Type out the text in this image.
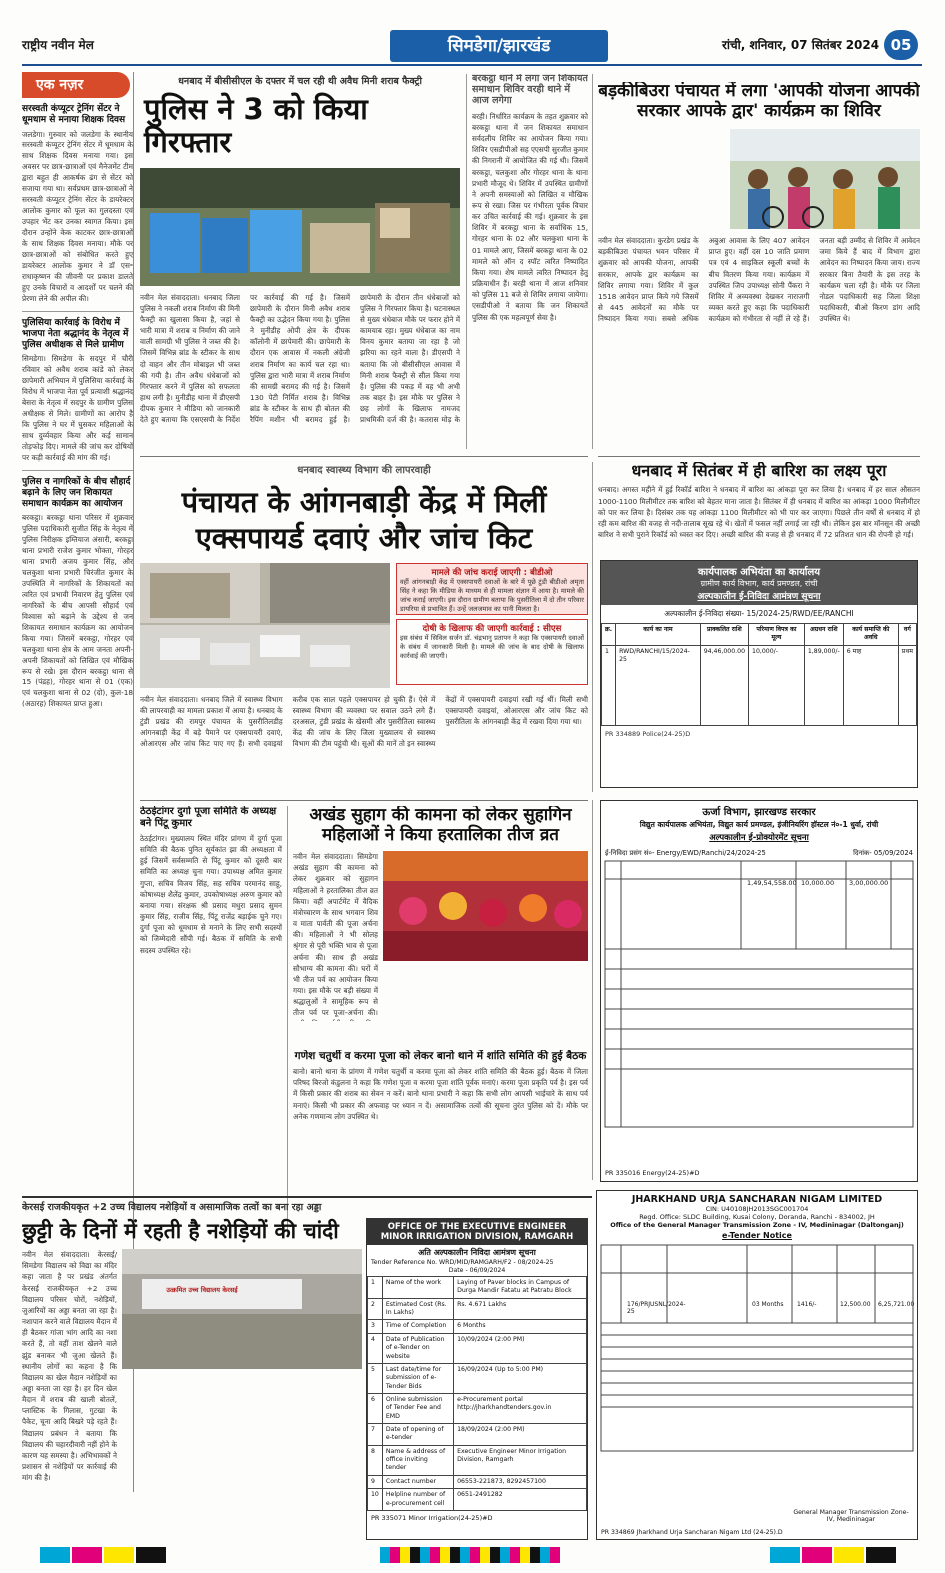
राष्ट्रीय नवीन मेल	सिमडेगा/झारखंड	रांची, शनिवार, 07 सितंबर 2024 05
एक नज़र
सरस्वती कंप्यूटर ट्रेनिंग सेंटर ने धूमधाम से मनाया शिक्षक दिवस
जलडेगा। गुरुवार को जलडेगा के स्थानीय सरस्वती कंप्यूटर ट्रेनिंग सेंटर में धूमधाम के साथ शिक्षक दिवस मनाया गया। इस अवसर पर छात्र-छात्राओं एवं मैनेजमेंट टीम द्वारा बहुत ही आकर्षक ढंग से सेंटर को सजाया गया था। सर्वप्रथम छात्र-छात्राओं ने सरस्वती कंप्यूटर ट्रेनिंग सेंटर के डायरेक्टर आलोक कुमार को फूल का गुलदस्ता एवं उपहार भेंट कर उनका स्वागत किया। इस दौरान उन्होंने केक काटकर छात्र-छात्राओं के साथ शिक्षक दिवस मनाया। मौके पर छात्र-छात्राओं को संबोधित करते हुए डायरेक्टर आलोक कुमार ने डॉ एस॰ राधाकृष्णन की जीवनी पर प्रकाश डालते हुए उनके विचारों व आदर्शों पर चलने की प्रेरणा लेने की अपील की।
पुलिसिया कार्रवाई के विरोध में भाजपा नेता श्रद्धानंद के नेतृत्व में पुलिस अधीक्षक से मिले ग्रामीण
सिमडेगा। सिमडेगा के सदपुर में चौरी रविवार को अवैध शराब कांडे को लेकर छापेमारी अभियान में पुलिसिया कार्रवाई के विरोध में भाजपा नेता पूर्व प्रत्याशी श्रद्धानंद बेसरा के नेतृत्व में सदपुर के ग्रामीण पुलिस अधीक्षक से मिले। ग्रामीणों का आरोप है कि पुलिस ने घर में घुसकर महिलाओं के साथ दुर्व्यवहार किया और कई सामान तोड़फोड़ दिए। मामले की जांच कर दोषियों पर कड़ी कार्रवाई की मांग की गई।
पुलिस व नागरिकों के बीच सौहार्द बढ़ाने के लिए जन शिकायत समाधान कार्यक्रम का आयोजन
बरकट्ठा। बरकट्ठा थाना परिसर में शुक्रवार पुलिस पदाधिकारी सुजीत सिंह के नेतृत्व में पुलिस निरीक्षक इम्तियाज अंसारी, बरकट्ठा थाना प्रभारी राजेश कुमार भोक्ता, गोरहर थाना प्रभारी अजय कुमार सिंह, और चलकुशा थाना प्रभारी चिरंजीत कुमार के उपस्थिति में नागरिकों के शिकायतों का त्वरित एवं प्रभावी निवारण हेतु पुलिस एवं नागरिकों के बीच आपसी सौहार्द एवं विश्वास को बढ़ाने के उद्देश्य से जन शिकायत समाधान कार्यक्रम का आयोजन किया गया। जिसमें बरकट्ठा, गोरहर एवं चलकुशा थाना क्षेत्र के आम जनता अपनी-अपनी शिकायतों को लिखित एवं मौखिक रूप से रखे। इस दौरान बरकट्ठा थाना से 15 (पंद्रह), गोरहर थाना से 01 (एक) एवं चलकुशा थाना से 02 (दो), कुल-18 (अठारह) शिकायत प्राप्त हुआ।
धनबाद में बीसीसीएल के दफ्तर में चल रही थी अवैध मिनी शराब फैक्ट्री
पुलिस ने 3 को किया गिरफ्तार
नवीन मेल संवाददाता। धनबाद जिला पुलिस ने नकली शराब निर्माण की मिनी फैक्ट्री का खुलासा किया है, जहां से भारी मात्रा में शराब व निर्माण की जाने वाली सामग्री भी पुलिस ने जब्त की है। जिसमें विभिन्न ब्रांड के स्टीकर के साथ दो वाहन और तीन मोबाइल भी जब्त की गयी है। तीन अवैध धंधेबाजों को गिरफ्तार करने में पुलिस को सफलता हाथ लगी है। मुनीडीह थाना में डीएसपी दीपक कुमार ने मीडिया को जानकारी देते हुए बताया कि एसएसपी के निर्देश पर कार्रवाई की गई है। जिसमें छापेमारी के दौरान मिनी अवैध शराब फैक्ट्री का उद्भेदन किया गया है। पुलिस ने मुनीडीह ओपी क्षेत्र के दीपक कॉलोनी में छापेमारी की। छापेमारी के दौरान एक आवास में नकली अंग्रेजी शराब निर्माण का कार्य चल रहा था। पुलिस द्वारा भारी मात्रा में शराब निर्माण की सामग्री बरामद की गई है। जिसमें 130 पेटी निर्मित शराब है। विभिन्न ब्रांड के स्टीकर के साथ ही बोतल की रैपिंग मशीन भी बरामद हुई है। छापेमारी के दौरान तीन धंधेबाजों को पुलिस ने गिरफ्तार किया है। घटनास्थल से मुख्य धंधेबाज मौके पर फरार होने में कामयाब रहा। मुख्य धंधेबाज का नाम विनय कुमार बताया जा रहा है जो झरिया का रहने वाला है। डीएसपी ने बताया कि जो बीसीसीएल आवास में मिनी शराब फैक्ट्री से सील किया गया है। पुलिस की पकड़ में वह भी अभी तक बाहर है। इस मौके पर पुलिस ने छह लोगों के खिलाफ नामजद प्राथमिकी दर्ज की है। कतरास मोड़ के
बरकट्ठा थाने में लगा जन शिकायत समाधान शिविर वरही थाने में आज लगेगा
बरही। निर्धारित कार्यक्रम के तहत शुक्रवार को बरकट्ठा थाना में जन शिकायत समाधान सर्वदलीय शिविर का आयोजन किया गया। शिविर एसडीपीओ सह एएसपी सुरजीत कुमार की निगरानी में आयोजित की गई थी। जिसमें बरकट्ठा, चलकुशा और गोरहर थाना के थाना प्रभारी मौजूद थे। शिविर में उपस्थित ग्रामीणों ने अपनी समस्याओं को लिखित व मौखिक रूप से रखा। जिस पर गंभीरता पूर्वक विचार कर उचित कार्रवाई की गई। शुक्रवार के इस शिविर में बरकट्ठा थाना के सर्वाधिक 15, गोरहर थाना के 02 और चलकुशा थाना के 01 मामले आए, जिसमें बरकट्ठा थाना के 02 मामले को ऑन द स्पॉट त्वरित निष्पादित किया गया। शेष मामले त्वरित निष्पादन हेतु प्रक्रियाधीन हैं। बरही थाना में आज शनिवार को पुलिस 11 बजे से शिविर लगाया जायेगा। एसडीपीओ ने बताया कि जन शिकायतें पुलिस की एक महत्वपूर्ण सेवा है।
बड़कीबिउरा पंचायत में लगा 'आपकी योजना आपकी सरकार आपके द्वार' कार्यक्रम का शिविर
नवीन मेल संवाददाता। कुरडेग प्रखंड के बड़कीबिउरा पंचायत भवन परिसर में शुक्रवार को आपकी योजना, आपकी सरकार, आपके द्वार कार्यक्रम का शिविर लगाया गया। शिविर में कुल 1518 आवेदन प्राप्त किये गये जिसमें से 445 आवेदनों का मौके पर निष्पादन किया गया। सबसे अधिक अबुआ आवास के लिए 407 आवेदन प्राप्त हुए। वहीं दस 10 जाति प्रमाण पत्र एवं 4 साइकिल स्कूली बच्चों के बीच वितरण किया गया। कार्यक्रम में उपस्थित जिप उपाध्यक्ष सोनी पैंकरा ने शिविर में अव्यवस्था देखकर नाराजगी व्यक्त करते हुए कहा कि पदाधिकारी कार्यक्रम को गंभीरता से नहीं ले रहे हैं। जनता बड़ी उम्मीद से शिविर में आवेदन जमा किये हैं बाद में विभाग द्वारा आवेदन का निष्पादन किया जाय। राज्य सरकार बिना तैयारी के इस तरह के कार्यक्रम चला रही है। मौके पर जिला नोडल पदाधिकारी सह जिला शिक्षा पदाधिकारी, बीओ किरण डांग आदि उपस्थित थे।
धनबाद स्वास्थ्य विभाग की लापरवाही
पंचायत के आंगनबाड़ी केंद्र में मिलीं एक्सपायर्ड दवाएं और जांच किट
मामले की जांच कराई जाएगी : बीडीओ
वहीं आंगनबाड़ी केंद्र में एक्सपायरी दवाओं के बारे में पूछे टुंडी बीडीओ अमृता सिंह ने कहा कि मीडिया के माध्यम से ही मामला संज्ञान में आया है। मामले की जांच कराई जाएगी। इस दौरान ग्रामीण बताया कि पुसरीतिला में दो तीन परिवार डायरिया से प्रभावित हैं। उन्हें जलजमाव का पानी मिलता है।
दोषी के खिलाफ की जाएगी कार्रवाई : सीएस
इस संबंध में सिविल सर्जन डॉ. चंद्रभानु प्रतापन ने कहा कि एक्सपायरी दवाओं के संबंध में जानकारी मिली है। मामले की जांच के बाद दोषी के खिलाफ कार्रवाई की जाएगी।
नवीन मेल संवाददाता। धनबाद जिले में स्वास्थ्य विभाग की लापरवाही का मामला प्रकाश में आया है। धनबाद के टुंडी प्रखंड की रामपुर पंचायत के पुसरीतिलडीह आंगनबाड़ी केंद्र में बड़े पैमाने पर एक्सपायरी दवाएं, ओआरएस और जांच किट पाए गए हैं। सभी दवाइयां करीब एक साल पहले एक्सपायर हो चुकी हैं। ऐसे में स्वास्थ्य विभाग की व्यवस्था पर सवाल उठने लगे हैं। दरअसल, टुंडी प्रखंड के खेसमी और पुसरीतिला स्वास्थ्य केंद्र की जांच के लिए जिला मुख्यालय से स्वास्थ्य विभाग की टीम पहुंची थी। सूओं की मानें तो इन स्वास्थ्य केंद्रों में एक्सपायरी दवाइयां रखी गई थीं। मिली सभी एक्सपायरी दवाइयां, ओआरएस और जांच किट को पुसरीतिला के आंगनबाड़ी केंद्र में रखवा दिया गया था।
धनबाद में सितंबर में ही बारिश का लक्ष्य पूरा
धनबाद। अगस्त महीने में हुई रिकॉर्ड बारिश ने धनबाद में बारिश का आंकड़ा पूरा कर लिया है। धनबाद में हर साल औसतन 1000-1100 मिलीमीटर तक बारिश को बेहतर माना जाता है। सितंबर में ही धनबाद में बारिश का आंकड़ा 1000 मिलीमीटर को पार कर लिया है। दिसंबर तक यह आंकड़ा 1100 मिलीमीटर को भी पार कर जाएगा। पिछले तीन वर्षों से धनबाद में हो रही कम बारिश की वजह से नदी-तालाब सूख रहे थे। खेतों में फसल नहीं लगाई जा रही थी। लेकिन इस बार मॉनसून की अच्छी बारिश ने सभी पुराने रिकॉर्ड को ध्वस्त कर दिए। अच्छी बारिश की वजह से ही धनबाद में 72 प्रतिशत धान की रोपनी हो गई।
कार्यपालक अभियंता का कार्यालय
ग्रामीण कार्य विभाग, कार्य प्रमण्डल, रांची
अल्पकालीन ई-निविदा आमंत्रण सूचना
अल्पकालीन ई-निविदा संख्या- 15/2024-25/RWD/EE/RANCHI
क्र.	कार्य का नाम	प्राक्कलित राशि	परिमाण विपत्र का मूल्य	अग्रधन राशि	कार्य समाप्ति की अवधि	वर्ग
1	RWD/RANCHI/15/2024-25	94,46,000.00	10,000/-	1,89,000/-	6 माह	प्रथम
PR 334889 Police(24-25)D
ठेठईटांगर दुर्गा पूजा समिति के अध्यक्ष बने पिंटू कुमार
ठेठईटांगर। मुख्यालय स्थित मंदिर प्रांगण में दुर्गा पूजा समिति की बैठक पुनित सूर्यकांत झा की अध्यक्षता में हुई जिसमें सर्वसम्मति से पिंटू कुमार को दूसरी बार समिति का अध्यक्ष चुना गया। उपाध्यक्ष अमित कुमार गुप्ता, सचिव विजय सिंह, सह सचिव परमानंद साहू, कोषाध्यक्ष शैलेंद्र कुमार, उपकोषाध्यक्ष अरुण कुमार को बनाया गया। संरक्षक श्री प्रसाद मधुरा प्रसाद सुमन कुमार सिंह, राजीव सिंह, पिंटू राजेंद्र बड़ाईक चुने गए। दुर्गा पूजा को धूमधाम से मनाने के लिए सभी सदस्यों को जिम्मेदारी सौंपी गई। बैठक में समिति के सभी सदस्य उपस्थित रहे।
अखंड सुहाग की कामना को लेकर सुहागिन महिलाओं ने किया हरतालिका तीज व्रत
नवीन मेल संवाददाता। सिमडेगा अखंड सुहाग की कामना को लेकर शुक्रवार को सुहागन महिलाओं ने हरतालिका तीज व्रत किया। वहीं अपार्टमेंट में वैदिक मंत्रोच्चारण के साथ भगवान शिव व माता पार्वती की पूजा अर्चना की। महिलाओं ने भी सोलह श्रृंगार से पूरी भक्ति भाव से पूजा अर्चना की। साथ ही अखंड सौभाग्य की कामना की। घरों में भी तीज पर्व का आयोजन किया गया। इस मौके पर बड़ी संख्या में श्रद्धालुओं ने सामूहिक रूप से तीज पर्व पर पूजा-अर्चना की।
गणेश चतुर्थी व करमा पूजा को लेकर बानो थाने में शांति समिति की हुई बैठक
बानो। बानो थाना के प्रांगण में गणेश चतुर्थी व करमा पूजा को लेकर शांति समिति की बैठक हुई। बैठक में जिला परिषद बिरजो कंडुलना ने कहा कि गणेश पूजा व करमा पूजा शांति पूर्वक मनाएं। करमा पूजा प्रकृति पर्व है। इस पर्व में किसी प्रकार की शराब का सेवन न करें। बानो थाना प्रभारी ने कहा कि सभी लोग आपसी भाईचारे के साथ पर्व मनाएं। किसी भी प्रकार की अफवाह पर ध्यान न दें। असामाजिक तत्वों की सूचना तुरंत पुलिस को दें। मौके पर अनेक गणमान्य लोग उपस्थित थे।
ऊर्जा विभाग, झारखण्ड सरकार
विद्युत कार्यपालक अभियंता, विद्युत कार्य प्रमण्डल, इंजीनियरिंग हॉस्टल नं०-1 धुर्वा, रांची
अल्पकालीन ई-प्रोक्योरमेंट सूचना
ई-निविदा प्रसंग सं०- Energy/EWD/Ranchi/24/2024-25	दिनांक- 05/09/2024
1,49,54,558.00 10,000.00 3,00,000.00
PR 335016 Energy(24-25)#D
केरसई राजकीयकृत +2 उच्च विद्यालय नशेड़ियों व असामाजिक तत्वों का बना रहा अड्डा
छुट्टी के दिनों में रहती है नशेड़ियों की चांदी
नवीन मेल संवाददाता। केरसई/सिमडेगा विद्यालय को विद्या का मंदिर कहा जाता है पर प्रखंड अंतर्गत केरसई राजकीयकृत +2 उच्च विद्यालय परिसर चोरों, नशेड़ियों, जुआरियों का अड्डा बनता जा रहा है। नशापान करने वाले विद्यालय मैदान में ही बैठकर गांजा भांग आदि का नशा करते हैं, तो वहीं ताश खेलने वाले झुंड बनाकर भी जुआ खेलते हैं। स्थानीय लोगों का कहना है कि विद्यालय का खेल मैदान नशेड़ियों का अड्डा बनता जा रहा है। हर दिन खेल मैदान में शराब की खाली बोतलें, प्लास्टिक के गिलास, गुटखा के पैकेट, चूना आदि बिखरे पड़े रहते हैं। विद्यालय प्रबंधन ने बताया कि विद्यालय की चहारदीवारी नहीं होने के कारण यह समस्या है। अभिभावकों ने प्रशासन से नशेड़ियों पर कार्रवाई की मांग की है।
उत्क्रमित उच्च विद्यालय केरसई
OFFICE OF THE EXECUTIVE ENGINEER MINOR IRRIGATION DIVISION, RAMGARH
अति अल्पकालीन निविदा आमंत्रण सूचना
Tender Reference No. WRD/MID/RAMGARH/F2 - 08/2024-25
Date - 06/09/2024
1	Name of the work	Laying of Paver blocks in Campus of Durga Mandir Fatatu at Patratu Block
2	Estimated Cost (Rs. In Lakhs)	Rs. 4.671 Lakhs
3	Time of Completion	6 Months
4	Date of Publication of e-Tender on website	10/09/2024 (2:00 PM)
5	Last date/time for submission of e-Tender Bids	16/09/2024 (Up to 5:00 PM)
6	Online submission of Tender Fee and EMD	e-Procurement portal http://jharkhandtenders.gov.in
7	Date of opening of e-tender	18/09/2024 (2:00 PM)
8	Name & address of office inviting tender	Executive Engineer Minor Irrigation Division, Ramgarh
9	Contact number	06553-221873, 8292457100
10	Helpline number of e-procurement cell	0651-2491282
PR 335071 Minor Irrigation(24-25)#D
JHARKHAND URJA SANCHARAN NIGAM LIMITED
CIN: U40108JH2013SGC001704
Regd. Office: SLDC Building, Kusai Colony, Doranda, Ranchi - 834002, JH
Office of the General Manager Transmission Zone - IV, Medininagar (Daltonganj)
e-Tender Notice
176/PRJUSNL/2024-25
03 Months 1416/-	12,500.00 6,25,721.00
General Manager Transmission Zone-IV, Medininagar
PR 334869 Jharkhand Urja Sancharan Nigam Ltd (24-25).D
